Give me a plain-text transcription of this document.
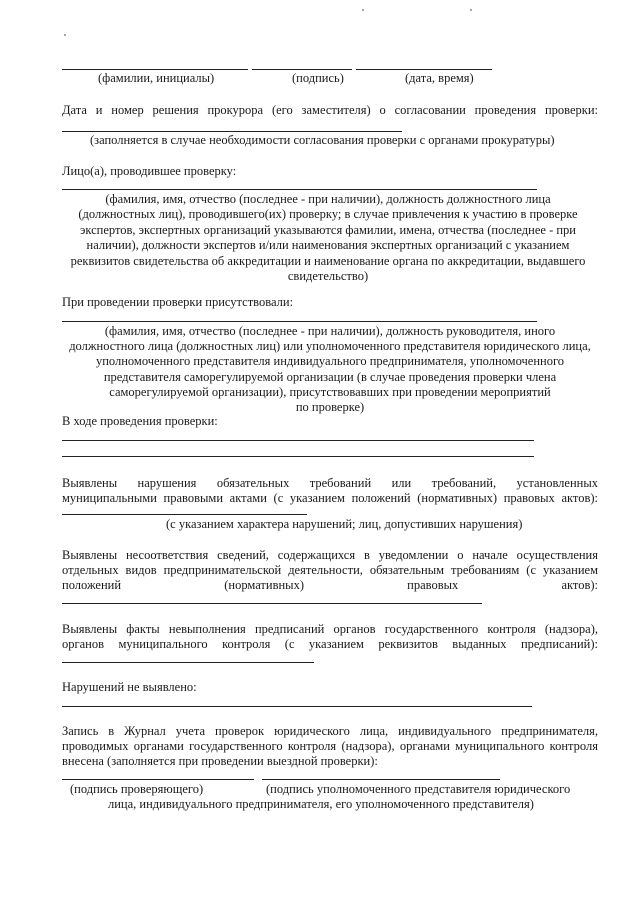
(фамилии, инициалы)	(подпись)	(дата, время)
Дата и номер решения прокурора (его заместителя) о согласовании проведения проверки:
(заполняется в случае необходимости согласования проверки с органами прокуратуры)
Лицо(а), проводившее проверку:
(фамилия, имя, отчество (последнее - при наличии), должность должностного лица
(должностных лиц), проводившего(их) проверку; в случае привлечения к участию в проверке
экспертов, экспертных организаций указываются фамилии, имена, отчества (последнее - при
наличии), должности экспертов и/или наименования экспертных организаций с указанием
реквизитов свидетельства об аккредитации и наименование органа по аккредитации, выдавшего
свидетельство)
При проведении проверки присутствовали:
(фамилия, имя, отчество (последнее - при наличии), должность руководителя, иного
должностного лица (должностных лиц) или уполномоченного представителя юридического лица,
уполномоченного представителя индивидуального предпринимателя, уполномоченного
представителя саморегулируемой организации (в случае проведения проверки члена
саморегулируемой организации), присутствовавших при проведении мероприятий
по проверке)
В ходе проведения проверки:
Выявлены нарушения обязательных требований или требований, установленных
муниципальными правовыми актами (с указанием положений (нормативных) правовых актов):
(с указанием характера нарушений; лиц, допустивших нарушения)
Выявлены несоответствия сведений, содержащихся в уведомлении о начале осуществления
отдельных видов предпринимательской деятельности, обязательным требованиям (с указанием
положений	(нормативных)	правовых	актов):
Выявлены факты невыполнения предписаний органов государственного контроля (надзора),
органов муниципального контроля (с указанием реквизитов выданных предписаний):
Нарушений не выявлено:
Запись в Журнал учета проверок юридического лица, индивидуального предпринимателя,
проводимых органами государственного контроля (надзора), органами муниципального контроля
внесена (заполняется при проведении выездной проверки):
(подпись проверяющего)	(подпись уполномоченного представителя юридического
лица, индивидуального предпринимателя, его уполномоченного представителя)
